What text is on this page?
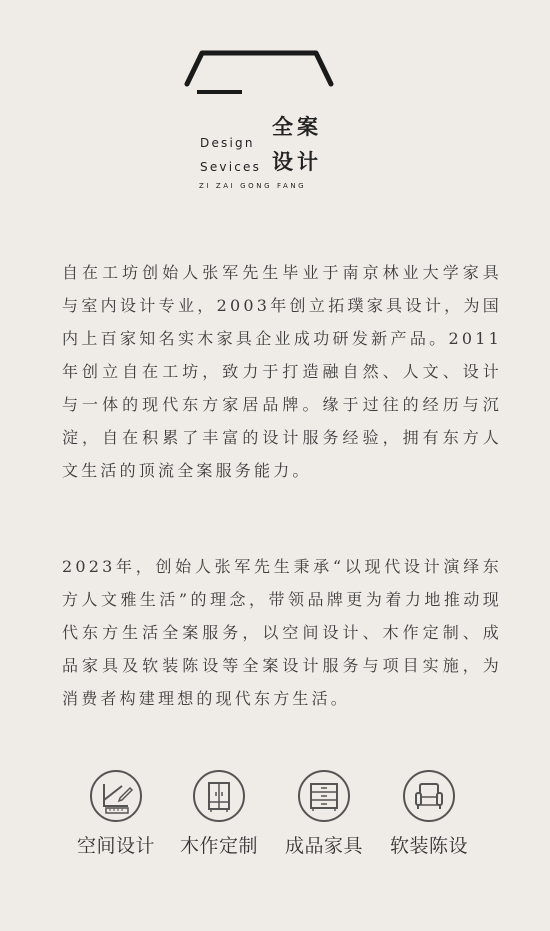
全案
设计
Design
Sevices
ZI ZAI GONG FANG

自在工坊创始人张军先生毕业于南京林业大学家具与室内设计专业，2003年创立拓璞家具设计，为国内上百家知名实木家具企业成功研发新产品。2011年创立自在工坊，致力于打造融自然、人文、设计与一体的现代东方家居品牌。缘于过往的经历与沉淀，自在积累了丰富的设计服务经验，拥有东方人文生活的顶流全案服务能力。

2023年，创始人张军先生秉承“以现代设计演绎东方人文雅生活”的理念，带领品牌更为着力地推动现代东方生活全案服务，以空间设计、木作定制、成品家具及软装陈设等全案设计服务与项目实施，为消费者构建理想的现代东方生活。

空间设计	木作定制	成品家具	软装陈设
